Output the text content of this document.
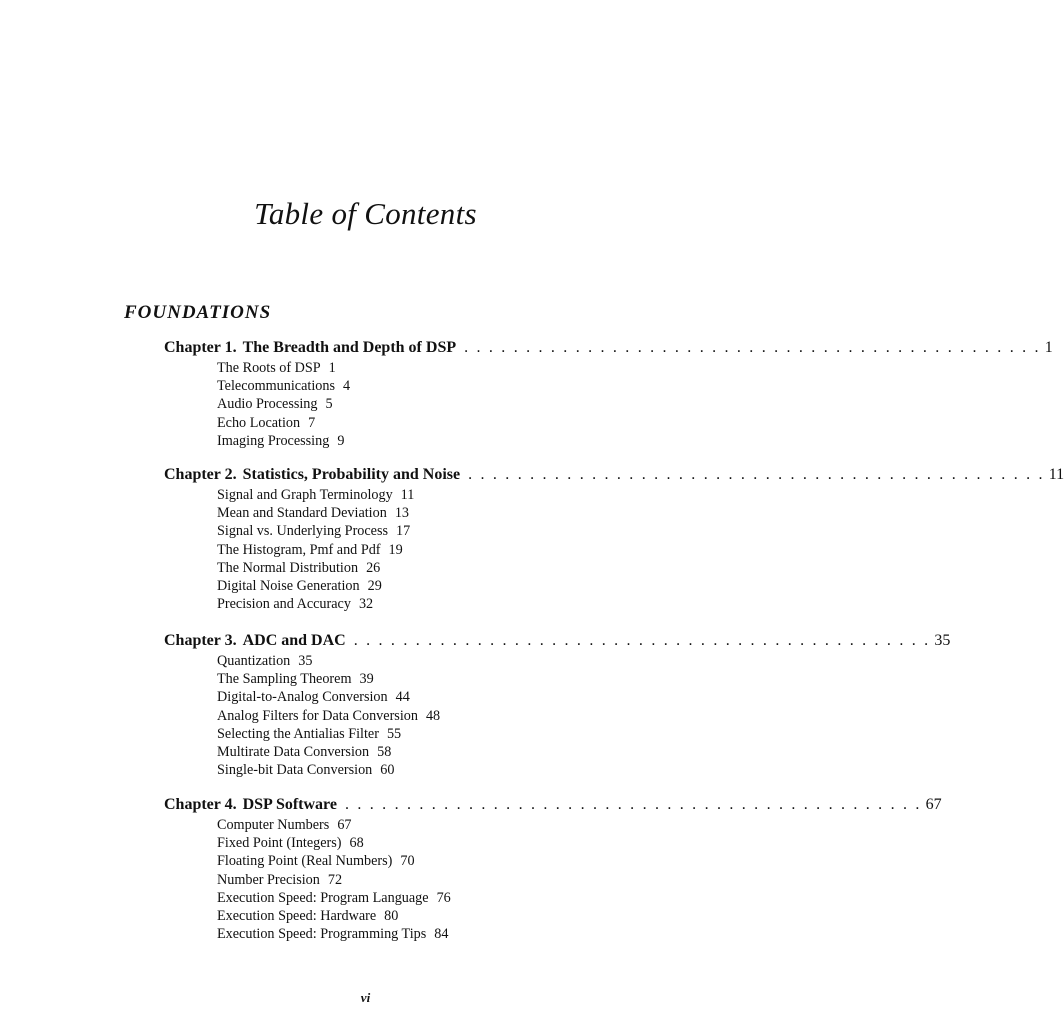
Table of Contents
FOUNDATIONS
Chapter 1. The Breadth and Depth of DSP . . . . . . . . . . . . . . . . . . . . . . . . . . . . . . . . . . . . . . . . . . . . . . . 1
The Roots of DSP 1
Telecommunications 4
Audio Processing 5
Echo Location 7
Imaging Processing 9
Chapter 2. Statistics, Probability and Noise . . . . . . . . . . . . . . . . . . . . . . . . . . . . . . . . . . . . . . . . . . . . . . . 11
Signal and Graph Terminology 11
Mean and Standard Deviation 13
Signal vs. Underlying Process 17
The Histogram, Pmf and Pdf 19
The Normal Distribution 26
Digital Noise Generation 29
Precision and Accuracy 32
Chapter 3. ADC and DAC . . . . . . . . . . . . . . . . . . . . . . . . . . . . . . . . . . . . . . . . . . . . . . . 35
Quantization 35
The Sampling Theorem 39
Digital-to-Analog Conversion 44
Analog Filters for Data Conversion 48
Selecting the Antialias Filter 55
Multirate Data Conversion 58
Single-bit Data Conversion 60
Chapter 4. DSP Software . . . . . . . . . . . . . . . . . . . . . . . . . . . . . . . . . . . . . . . . . . . . . . . 67
Computer Numbers 67
Fixed Point (Integers) 68
Floating Point (Real Numbers) 70
Number Precision 72
Execution Speed: Program Language 76
Execution Speed: Hardware 80
Execution Speed: Programming Tips 84
vi
